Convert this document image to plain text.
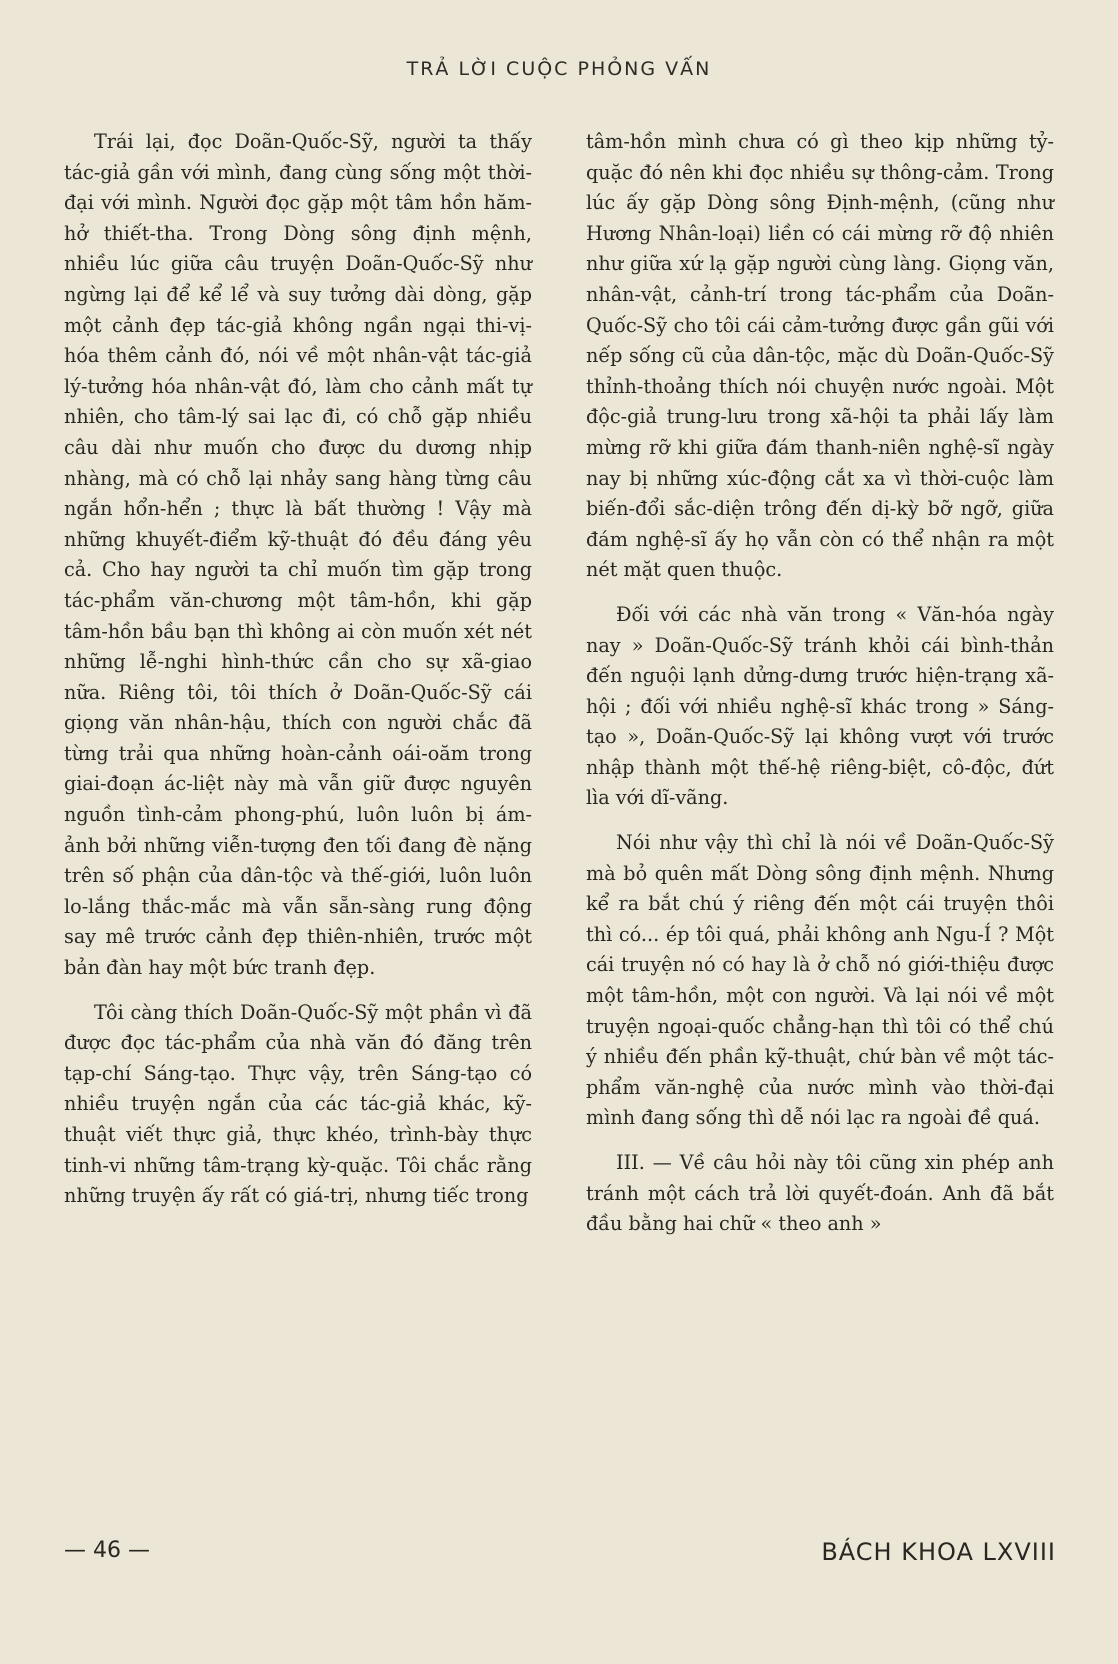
TRẢ LỜI CUỘC PHỎNG VẤN

Trái lại, đọc Doãn-Quốc-Sỹ, người ta thấy tác-giả gần với mình, đang cùng sống một thời-đại với mình. Người đọc gặp một tâm hồn hăm-hở thiết-tha. Trong Dòng sông định mệnh, nhiều lúc giữa câu truyện Doãn-Quốc-Sỹ như ngừng lại để kể lể và suy tưởng dài dòng, gặp một cảnh đẹp tác-giả không ngần ngại thi-vị-hóa thêm cảnh đó, nói về một nhân-vật tác-giả lý-tưởng hóa nhân-vật đó, làm cho cảnh mất tự nhiên, cho tâm-lý sai lạc đi, có chỗ gặp nhiều câu dài như muốn cho được du dương nhịp nhàng, mà có chỗ lại nhảy sang hàng từng câu ngắn hổn-hển ; thực là bất thường ! Vậy mà những khuyết-điểm kỹ-thuật đó đều đáng yêu cả. Cho hay người ta chỉ muốn tìm gặp trong tác-phẩm văn-chương một tâm-hồn, khi gặp tâm-hồn bầu bạn thì không ai còn muốn xét nét những lễ-nghi hình-thức cần cho sự xã-giao nữa. Riêng tôi, tôi thích ở Doãn-Quốc-Sỹ cái giọng văn nhân-hậu, thích con người chắc đã từng trải qua những hoàn-cảnh oái-oăm trong giai-đoạn ác-liệt này mà vẫn giữ được nguyên nguồn tình-cảm phong-phú, luôn luôn bị ám-ảnh bởi những viễn-tượng đen tối đang đè nặng trên số phận của dân-tộc và thế-giới, luôn luôn lo-lắng thắc-mắc mà vẫn sẵn-sàng rung động say mê trước cảnh đẹp thiên-nhiên, trước một bản đàn hay một bức tranh đẹp.

Tôi càng thích Doãn-Quốc-Sỹ một phần vì đã được đọc tác-phẩm của nhà văn đó đăng trên tạp-chí Sáng-tạo. Thực vậy, trên Sáng-tạo có nhiều truyện ngắn của các tác-giả khác, kỹ-thuật viết thực giả, thực khéo, trình-bày thực tinh-vi những tâm-trạng kỳ-quặc. Tôi chắc rằng những truyện ấy rất có giá-trị, nhưng tiếc trong

tâm-hồn mình chưa có gì theo kịp những tỷ-quặc đó nên khi đọc nhiều sự thông-cảm. Trong lúc ấy gặp Dòng sông Định-mệnh, (cũng như Hương Nhân-loại) liền có cái mừng rỡ độ nhiên như giữa xứ lạ gặp người cùng làng. Giọng văn, nhân-vật, cảnh-trí trong tác-phẩm của Doãn-Quốc-Sỹ cho tôi cái cảm-tưởng được gần gũi với nếp sống cũ của dân-tộc, mặc dù Doãn-Quốc-Sỹ thỉnh-thoảng thích nói chuyện nước ngoài. Một độc-giả trung-lưu trong xã-hội ta phải lấy làm mừng rỡ khi giữa đám thanh-niên nghệ-sĩ ngày nay bị những xúc-động cắt xa vì thời-cuộc làm biến-đổi sắc-diện trông đến dị-kỳ bỡ ngỡ, giữa đám nghệ-sĩ ấy họ vẫn còn có thể nhận ra một nét mặt quen thuộc.

Đối với các nhà văn trong « Văn-hóa ngày nay » Doãn-Quốc-Sỹ tránh khỏi cái bình-thản đến nguội lạnh dửng-dưng trước hiện-trạng xã-hội ; đối với nhiều nghệ-sĩ khác trong » Sáng-tạo », Doãn-Quốc-Sỹ lại không vượt với trước nhập thành một thế-hệ riêng-biệt, cô-độc, đứt lìa với dĩ-vãng.

Nói như vậy thì chỉ là nói về Doãn-Quốc-Sỹ mà bỏ quên mất Dòng sông định mệnh. Nhưng kể ra bắt chú ý riêng đến một cái truyện thôi thì có... ép tôi quá, phải không anh Ngu-Í ? Một cái truyện nó có hay là ở chỗ nó giới-thiệu được một tâm-hồn, một con người. Và lại nói về một truyện ngoại-quốc chẳng-hạn thì tôi có thể chú ý nhiều đến phần kỹ-thuật, chứ bàn về một tác-phẩm văn-nghệ của nước mình vào thời-đại mình đang sống thì dễ nói lạc ra ngoài đề quá.

III. — Về câu hỏi này tôi cũng xin phép anh tránh một cách trả lời quyết-đoán. Anh đã bắt đầu bằng hai chữ « theo anh »

— 46 —	BÁCH KHOA LXVIII
